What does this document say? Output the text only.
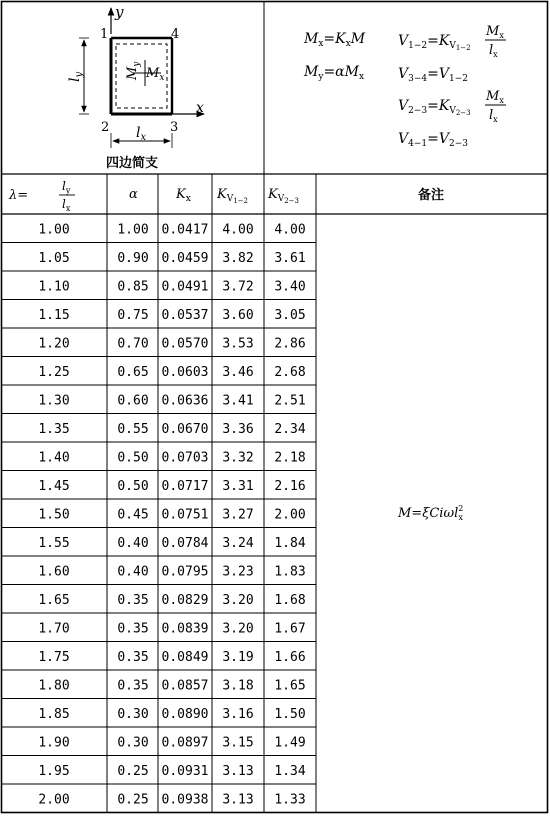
y
x
$M_y$
$M_x$
1	4
2	3
$l_y$
$l_x$
四边简支
$M_x=K_xM$
$M_y=\alpha M_x$
$V_{1-2}=K_V1-2$
$M_x$
$l_x$
$V_{3-4}=V_{1-2}$
$V_{2-3}=K_V2-3$
$M_x$
$l_x$
$V_{4-1}=V_{2-3}$
λ=
$l_y$
$l_x$
α	$K_x$ $K_V1-2$ $K_V2-3$	备注
1.00	1.00 0.0417 4.00 4.00
1.05	0.90 0.0459 3.82 3.61
1.10	0.85 0.0491 3.72 3.40
1.15	0.75 0.0537 3.60 3.05
1.20	0.70 0.0570 3.53 2.86
1.25	0.65 0.0603 3.46 2.68
1.30	0.60 0.0636 3.41 2.51
1.35	0.55 0.0670 3.36 2.34
1.40	0.50 0.0703 3.32 2.18
1.45	0.50 0.0717 3.31 2.16
1.50	0.45 0.0751 3.27 2.00
1.55	0.40 0.0784 3.24 1.84
1.60	0.40 0.0795 3.23 1.83
1.65	0.35 0.0829 3.20 1.68
1.70	0.35 0.0839 3.20 1.67
1.75	0.35 0.0849 3.19 1.66
1.80	0.35 0.0857 3.18 1.65
1.85	0.30 0.0890 3.16 1.50
1.90	0.30 0.0897 3.15 1.49
1.95	0.25 0.0931 3.13 1.34
2.00	0.25 0.0938 3.13 1.33
M=ξCiωl$^2$ x
